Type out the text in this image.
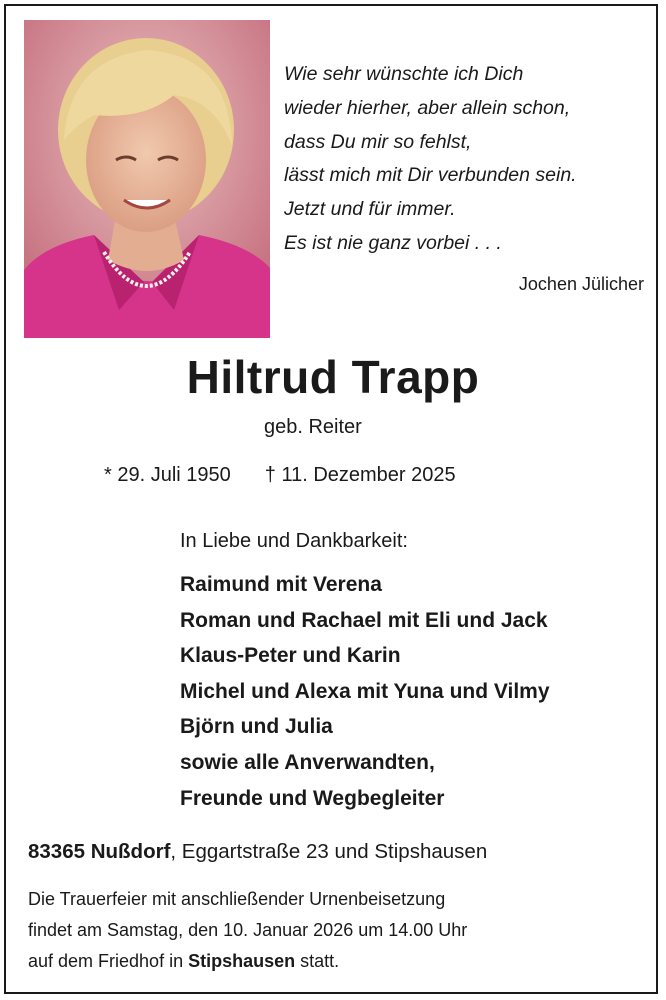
Wie sehr wünschte ich Dich
wieder hierher, aber allein schon,
dass Du mir so fehlst,
lässt mich mit Dir verbunden sein.
Jetzt und für immer.
Es ist nie ganz vorbei . . .
Jochen Jülicher
Hiltrud Trapp
geb. Reiter
* 29. Juli 1950 † 11. Dezember 2025
In Liebe und Dankbarkeit:
Raimund mit Verena
Roman und Rachael mit Eli und Jack
Klaus-Peter und Karin
Michel und Alexa mit Yuna und Vilmy
Björn und Julia
sowie alle Anverwandten,
Freunde und Wegbegleiter
83365 Nußdorf, Eggartstraße 23 und Stipshausen
Die Trauerfeier mit anschließender Urnenbeisetzung
findet am Samstag, den 10. Januar 2026 um 14.00 Uhr
auf dem Friedhof in Stipshausen statt.
